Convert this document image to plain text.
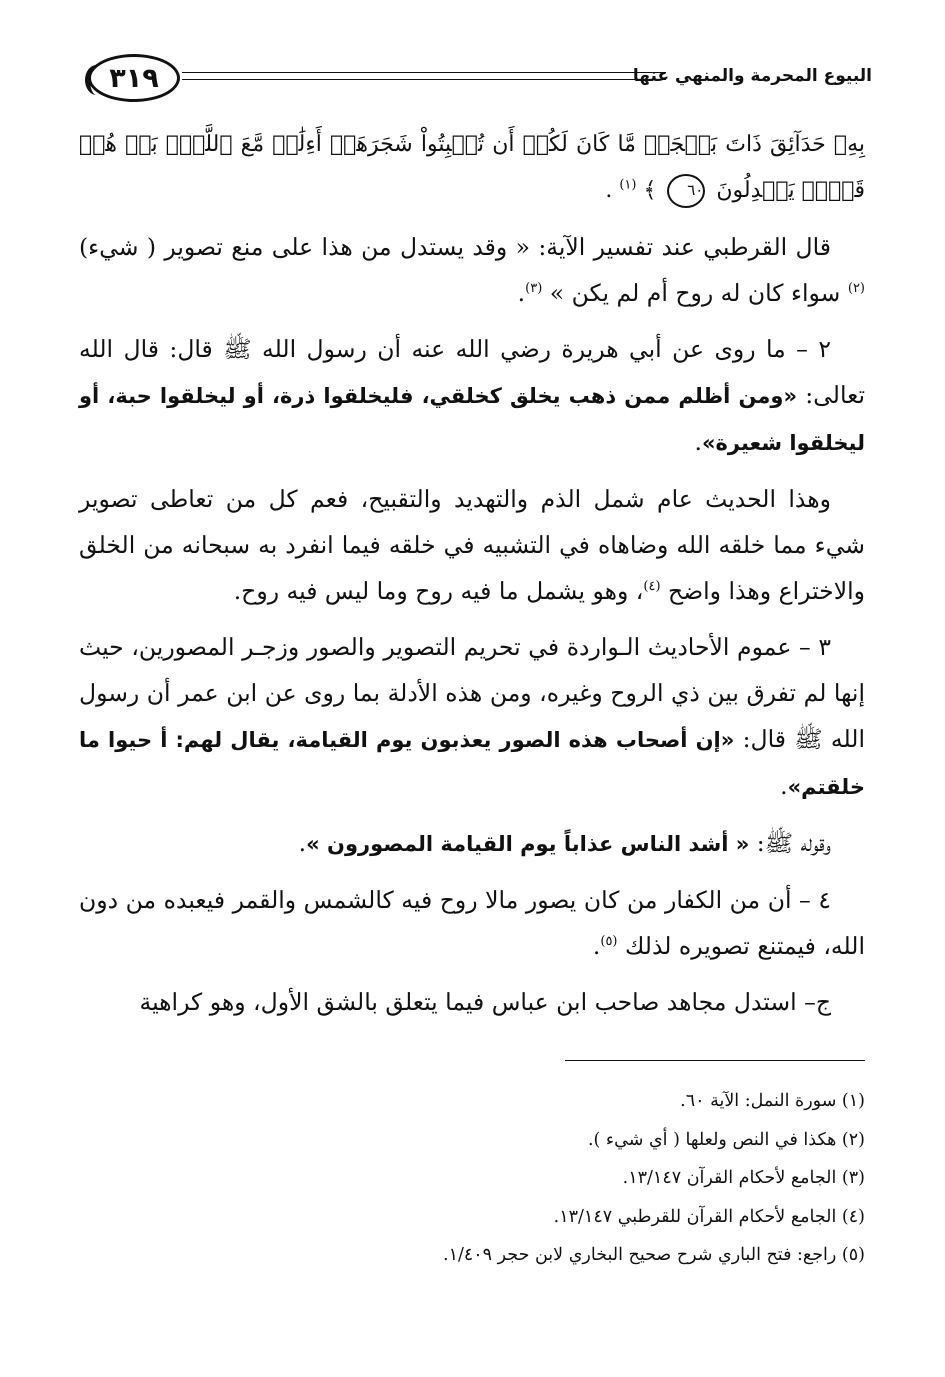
٣١٩	البيوع المحرمة والمنهي عنها

بِهِۦ حَدَآئِقَ ذَاتَ بَهۡجَةٖ مَّا كَانَ لَكُمۡ أَن تُنۢبِتُواْ شَجَرَهَآۗ أَءِلَٰهٞ مَّعَ ٱللَّهِۚ بَلۡ هُمۡ قَوۡمٞ يَعۡدِلُونَ ٦٠ ﴾ $^{(١)}$ .

قال القرطبي عند تفسير الآية: « وقد يستدل من هذا على منع تصوير ( شيء)$^{(٢)}$ سواء كان له روح أم لم يكن » $^{(٣)}$.

٢ – ما روى عن أبي هريرة رضي الله عنه أن رسول الله ﷺ قال: قال الله تعالى: «ومن أظلم ممن ذهب يخلق كخلقي، فليخلقوا ذرة، أو ليخلقوا حبة، أو ليخلقوا شعيرة».

وهذا الحديث عام شمل الذم والتهديد والتقبيح، فعم كل من تعاطى تصوير شيء مما خلقه الله وضاهاه في التشبيه في خلقه فيما انفرد به سبحانه من الخلق والاختراع وهذا واضح $^{(٤)}$، وهو يشمل ما فيه روح وما ليس فيه روح.

٣ – عموم الأحاديث الـواردة في تحريم التصوير والصور وزجـر المصورين، حيث إنها لم تفرق بين ذي الروح وغيره، ومن هذه الأدلة بما روى عن ابن عمر أن رسول الله ﷺ قال: «إن أصحاب هذه الصور يعذبون يوم القيامة، يقال لهم: أ حيوا ما خلقتم».

وقوله ﷺ: « أشد الناس عذاباً يوم القيامة المصورون ».

٤ – أن من الكفار من كان يصور مالا روح فيه كالشمس والقمر فيعبده من دون الله، فيمتنع تصويره لذلك $^{(٥)}$.

ج– استدل مجاهد صاحب ابن عباس فيما يتعلق بالشق الأول، وهو كراهية

(١) سورة النمل: الآية ٦٠.
(٢) هكذا في النص ولعلها ( أي شيء ).
(٣) الجامع لأحكام القرآن ١٣/١٤٧.
(٤) الجامع لأحكام القرآن للقرطبي ١٣/١٤٧.
(٥) راجع: فتح الباري شرح صحيح البخاري لابن حجر ١/٤٠٩.
